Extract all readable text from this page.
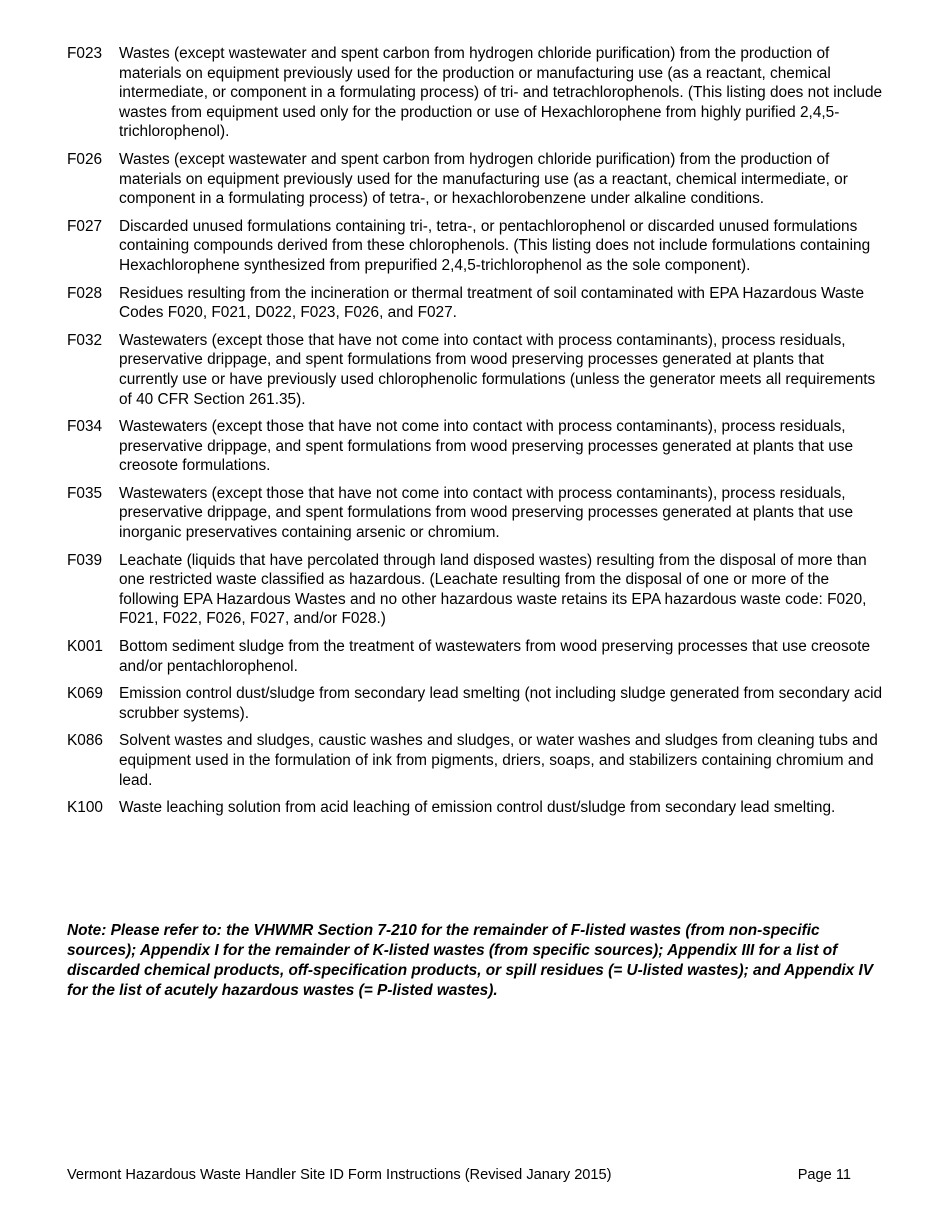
F023	Wastes (except wastewater and spent carbon from hydrogen chloride purification) from the production of materials on equipment previously used for the production or manufacturing use (as a reactant, chemical intermediate, or component in a formulating process) of tri- and tetrachlorophenols. (This listing does not include wastes from equipment used only for the production or use of Hexachlorophene from highly purified 2,4,5-trichlorophenol).
F026	Wastes (except wastewater and spent carbon from hydrogen chloride purification) from the production of materials on equipment previously used for the manufacturing use (as a reactant, chemical intermediate, or component in a formulating process) of tetra-, or hexachlorobenzene under alkaline conditions.
F027	Discarded unused formulations containing tri-, tetra-, or pentachlorophenol or discarded unused formulations containing compounds derived from these chlorophenols. (This listing does not include formulations containing Hexachlorophene synthesized from prepurified 2,4,5-trichlorophenol as the sole component).
F028	Residues resulting from the incineration or thermal treatment of soil contaminated with EPA Hazardous Waste Codes F020, F021, D022, F023, F026, and F027.
F032	Wastewaters (except those that have not come into contact with process contaminants), process residuals, preservative drippage, and spent formulations from wood preserving processes generated at plants that currently use or have previously used chlorophenolic formulations (unless the generator meets all requirements of 40 CFR Section 261.35).
F034	Wastewaters (except those that have not come into contact with process contaminants), process residuals, preservative drippage, and spent formulations from wood preserving processes generated at plants that use creosote formulations.
F035	Wastewaters (except those that have not come into contact with process contaminants), process residuals, preservative drippage, and spent formulations from wood preserving processes generated at plants that use inorganic preservatives containing arsenic or chromium.
F039	Leachate (liquids that have percolated through land disposed wastes) resulting from the disposal of more than one restricted waste classified as hazardous. (Leachate resulting from the disposal of one or more of the following EPA Hazardous Wastes and no other hazardous waste retains its EPA hazardous waste code: F020, F021, F022, F026, F027, and/or F028.)
K001	Bottom sediment sludge from the treatment of wastewaters from wood preserving processes that use creosote and/or pentachlorophenol.
K069	Emission control dust/sludge from secondary lead smelting (not including sludge generated from secondary acid scrubber systems).
K086	Solvent wastes and sludges, caustic washes and sludges, or water washes and sludges from cleaning tubs and equipment used in the formulation of ink from pigments, driers, soaps, and stabilizers containing chromium and lead.
K100	Waste leaching solution from acid leaching of emission control dust/sludge from secondary lead smelting.
Note: Please refer to: the VHWMR Section 7-210 for the remainder of F-listed wastes (from non-specific sources); Appendix I for the remainder of K-listed wastes (from specific sources); Appendix III for a list of discarded chemical products, off-specification products, or spill residues (= U-listed wastes); and Appendix IV for the list of acutely hazardous wastes (= P-listed wastes).
Vermont Hazardous Waste Handler Site ID Form Instructions (Revised Janary 2015)	Page 11
